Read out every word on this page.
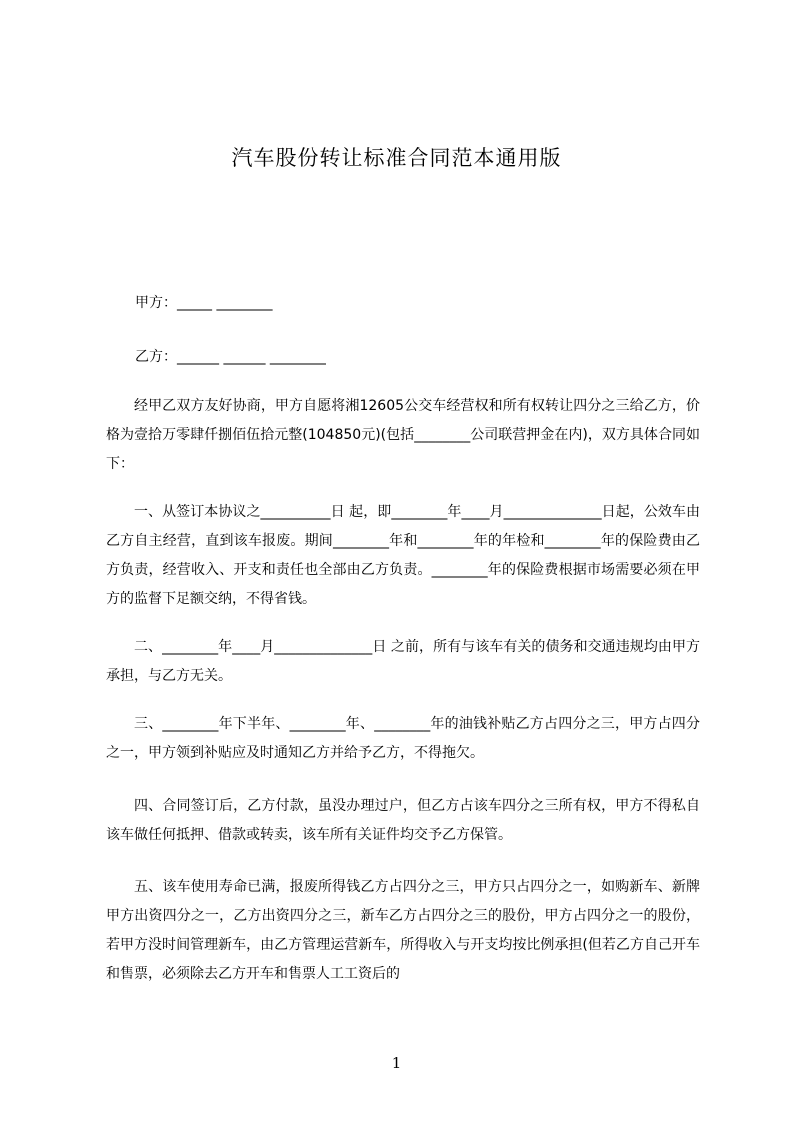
汽车股份转让标准合同范本通用版
甲方：_____ ________
乙方：______ ______ ________
经甲乙双方友好协商，甲方自愿将湘12605公交车经营权和所有权转让四分之三给乙方，价格为壹拾万零肆仟捌佰伍拾元整(104850元)(包括________公司联营押金在内)，双方具体合同如下：
一、从签订本协议之__________日 起，即________年____月______________日起，公效车由乙方自主经营，直到该车报废。期间________年和________年的年检和________年的保险费由乙方负责，经营收入、开支和责任也全部由乙方负责。________年的保险费根据市场需要必须在甲方的监督下足额交纳，不得省钱。
二、________年____月______________日 之前，所有与该车有关的债务和交通违规均由甲方承担，与乙方无关。
三、________年下半年、________年、________年的油钱补贴乙方占四分之三，甲方占四分之一，甲方领到补贴应及时通知乙方并给予乙方，不得拖欠。
四、合同签订后，乙方付款，虽没办理过户，但乙方占该车四分之三所有权，甲方不得私自该车做任何抵押、借款或转卖，该车所有关证件均交予乙方保管。
五、该车使用寿命已满，报废所得钱乙方占四分之三，甲方只占四分之一，如购新车、新牌甲方出资四分之一，乙方出资四分之三，新车乙方占四分之三的股份，甲方占四分之一的股份，若甲方没时间管理新车，由乙方管理运营新车，所得收入与开支均按比例承担(但若乙方自己开车和售票，必须除去乙方开车和售票人工工资后的
1
